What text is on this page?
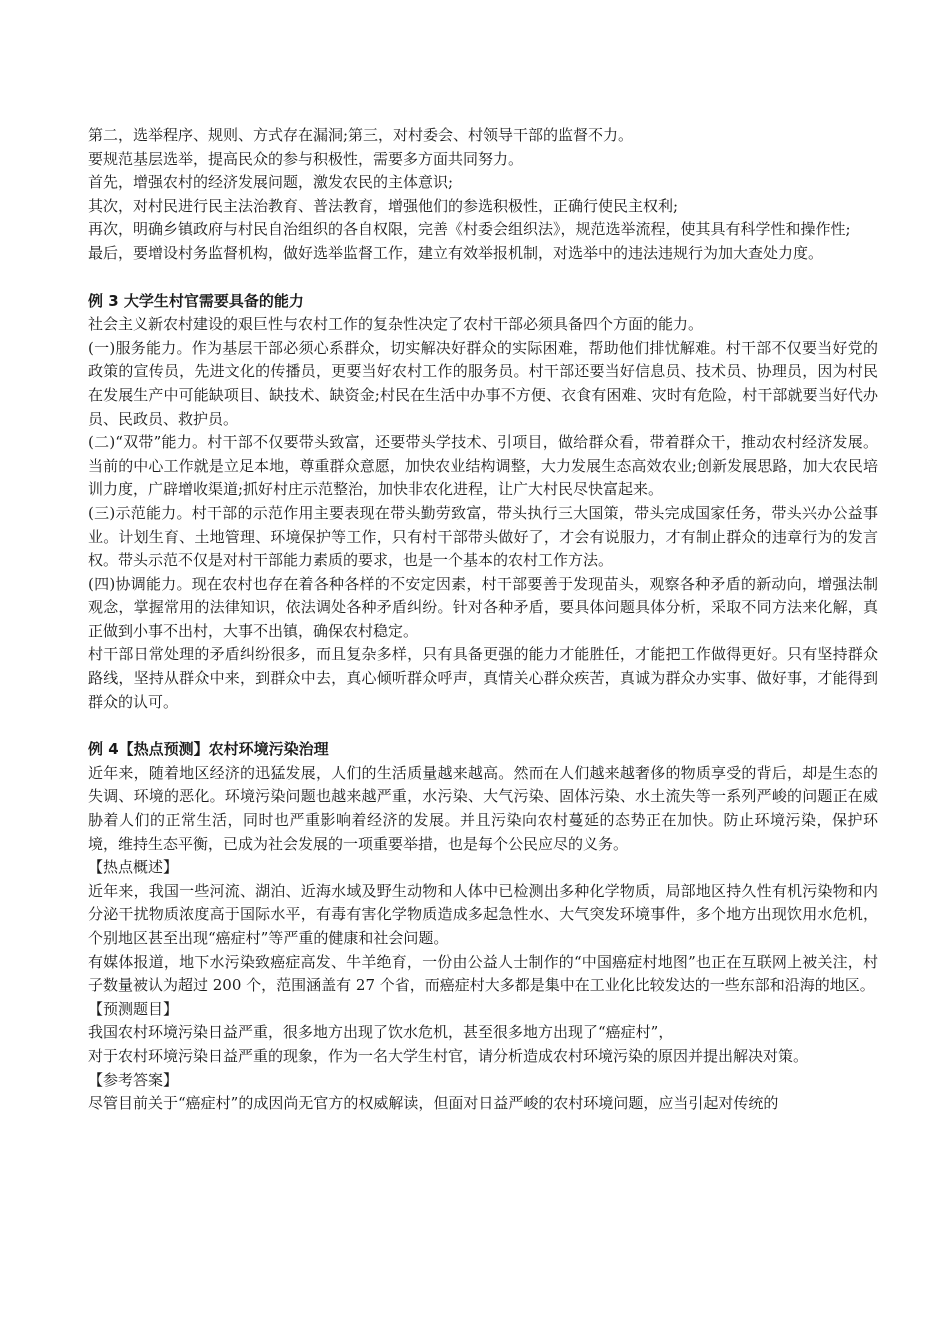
第二，选举程序、规则、方式存在漏洞;第三，对村委会、村领导干部的监督不力。

要规范基层选举，提高民众的参与积极性，需要多方面共同努力。

首先，增强农村的经济发展问题，激发农民的主体意识;

其次，对村民进行民主法治教育、普法教育，增强他们的参选积极性，正确行使民主权利;

再次，明确乡镇政府与村民自治组织的各自权限，完善《村委会组织法》，规范选举流程，使其具有科学性和操作性;

最后，要增设村务监督机构，做好选举监督工作，建立有效举报机制，对选举中的违法违规行为加大查处力度。

例 3 大学生村官需要具备的能力

社会主义新农村建设的艰巨性与农村工作的复杂性决定了农村干部必须具备四个方面的能力。

(一)服务能力。作为基层干部必须心系群众，切实解决好群众的实际困难，帮助他们排忧解难。村干部不仅要当好党的政策的宣传员，先进文化的传播员，更要当好农村工作的服务员。村干部还要当好信息员、技术员、协理员，因为村民在发展生产中可能缺项目、缺技术、缺资金;村民在生活中办事不方便、衣食有困难、灾时有危险，村干部就要当好代办员、民政员、救护员。

(二)“双带”能力。村干部不仅要带头致富，还要带头学技术、引项目，做给群众看，带着群众干，推动农村经济发展。当前的中心工作就是立足本地，尊重群众意愿，加快农业结构调整，大力发展生态高效农业;创新发展思路，加大农民培训力度，广辟增收渠道;抓好村庄示范整治，加快非农化进程，让广大村民尽快富起来。

(三)示范能力。村干部的示范作用主要表现在带头勤劳致富，带头执行三大国策，带头完成国家任务，带头兴办公益事业。计划生育、土地管理、环境保护等工作，只有村干部带头做好了，才会有说服力，才有制止群众的违章行为的发言权。带头示范不仅是对村干部能力素质的要求，也是一个基本的农村工作方法。

(四)协调能力。现在农村也存在着各种各样的不安定因素，村干部要善于发现苗头，观察各种矛盾的新动向，增强法制观念，掌握常用的法律知识，依法调处各种矛盾纠纷。针对各种矛盾，要具体问题具体分析，采取不同方法来化解，真正做到小事不出村，大事不出镇，确保农村稳定。

村干部日常处理的矛盾纠纷很多，而且复杂多样，只有具备更强的能力才能胜任，才能把工作做得更好。只有坚持群众路线，坚持从群众中来，到群众中去，真心倾听群众呼声，真情关心群众疾苦，真诚为群众办实事、做好事，才能得到群众的认可。

例 4【热点预测】农村环境污染治理

近年来，随着地区经济的迅猛发展，人们的生活质量越来越高。然而在人们越来越奢侈的物质享受的背后，却是生态的失调、环境的恶化。环境污染问题也越来越严重，水污染、大气污染、固体污染、水土流失等一系列严峻的问题正在威胁着人们的正常生活，同时也严重影响着经济的发展。并且污染向农村蔓延的态势正在加快。防止环境污染，保护环境，维持生态平衡，已成为社会发展的一项重要举措，也是每个公民应尽的义务。

【热点概述】

近年来，我国一些河流、湖泊、近海水域及野生动物和人体中已检测出多种化学物质，局部地区持久性有机污染物和内分泌干扰物质浓度高于国际水平，有毒有害化学物质造成多起急性水、大气突发环境事件，多个地方出现饮用水危机，个别地区甚至出现“癌症村”等严重的健康和社会问题。

有媒体报道，地下水污染致癌症高发、牛羊绝育，一份由公益人士制作的“中国癌症村地图”也正在互联网上被关注，村子数量被认为超过 200 个，范围涵盖有 27 个省，而癌症村大多都是集中在工业化比较发达的一些东部和沿海的地区。

【预测题目】

我国农村环境污染日益严重，很多地方出现了饮水危机，甚至很多地方出现了“癌症村”，

对于农村环境污染日益严重的现象，作为一名大学生村官，请分析造成农村环境污染的原因并提出解决对策。

【参考答案】

尽管目前关于“癌症村”的成因尚无官方的权威解读，但面对日益严峻的农村环境问题，应当引起对传统的
